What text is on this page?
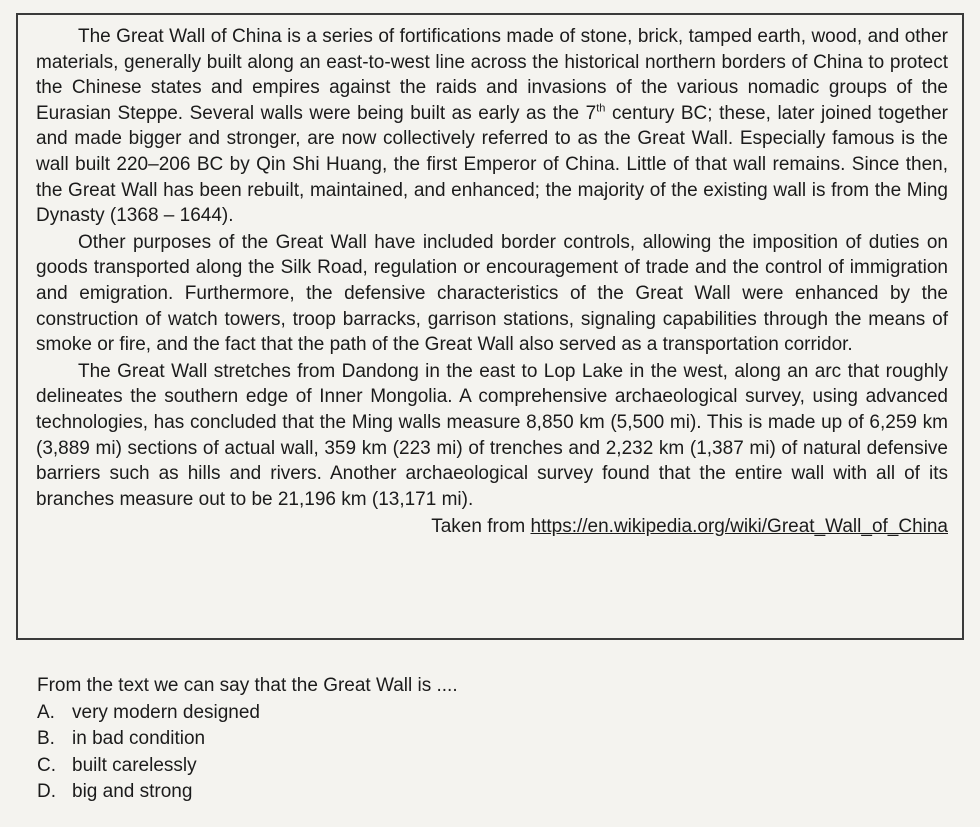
The Great Wall of China is a series of fortifications made of stone, brick, tamped earth, wood, and other materials, generally built along an east-to-west line across the historical northern borders of China to protect the Chinese states and empires against the raids and invasions of the various nomadic groups of the Eurasian Steppe. Several walls were being built as early as the 7th century BC; these, later joined together and made bigger and stronger, are now collectively referred to as the Great Wall. Especially famous is the wall built 220–206 BC by Qin Shi Huang, the first Emperor of China. Little of that wall remains. Since then, the Great Wall has been rebuilt, maintained, and enhanced; the majority of the existing wall is from the Ming Dynasty (1368 – 1644).

Other purposes of the Great Wall have included border controls, allowing the imposition of duties on goods transported along the Silk Road, regulation or encouragement of trade and the control of immigration and emigration. Furthermore, the defensive characteristics of the Great Wall were enhanced by the construction of watch towers, troop barracks, garrison stations, signaling capabilities through the means of smoke or fire, and the fact that the path of the Great Wall also served as a transportation corridor.

The Great Wall stretches from Dandong in the east to Lop Lake in the west, along an arc that roughly delineates the southern edge of Inner Mongolia. A comprehensive archaeological survey, using advanced technologies, has concluded that the Ming walls measure 8,850 km (5,500 mi). This is made up of 6,259 km (3,889 mi) sections of actual wall, 359 km (223 mi) of trenches and 2,232 km (1,387 mi) of natural defensive barriers such as hills and rivers. Another archaeological survey found that the entire wall with all of its branches measure out to be 21,196 km (13,171 mi).

Taken from https://en.wikipedia.org/wiki/Great_Wall_of_China

From the text we can say that the Great Wall is ....

A. very modern designed
B. in bad condition
C. built carelessly
D. big and strong
